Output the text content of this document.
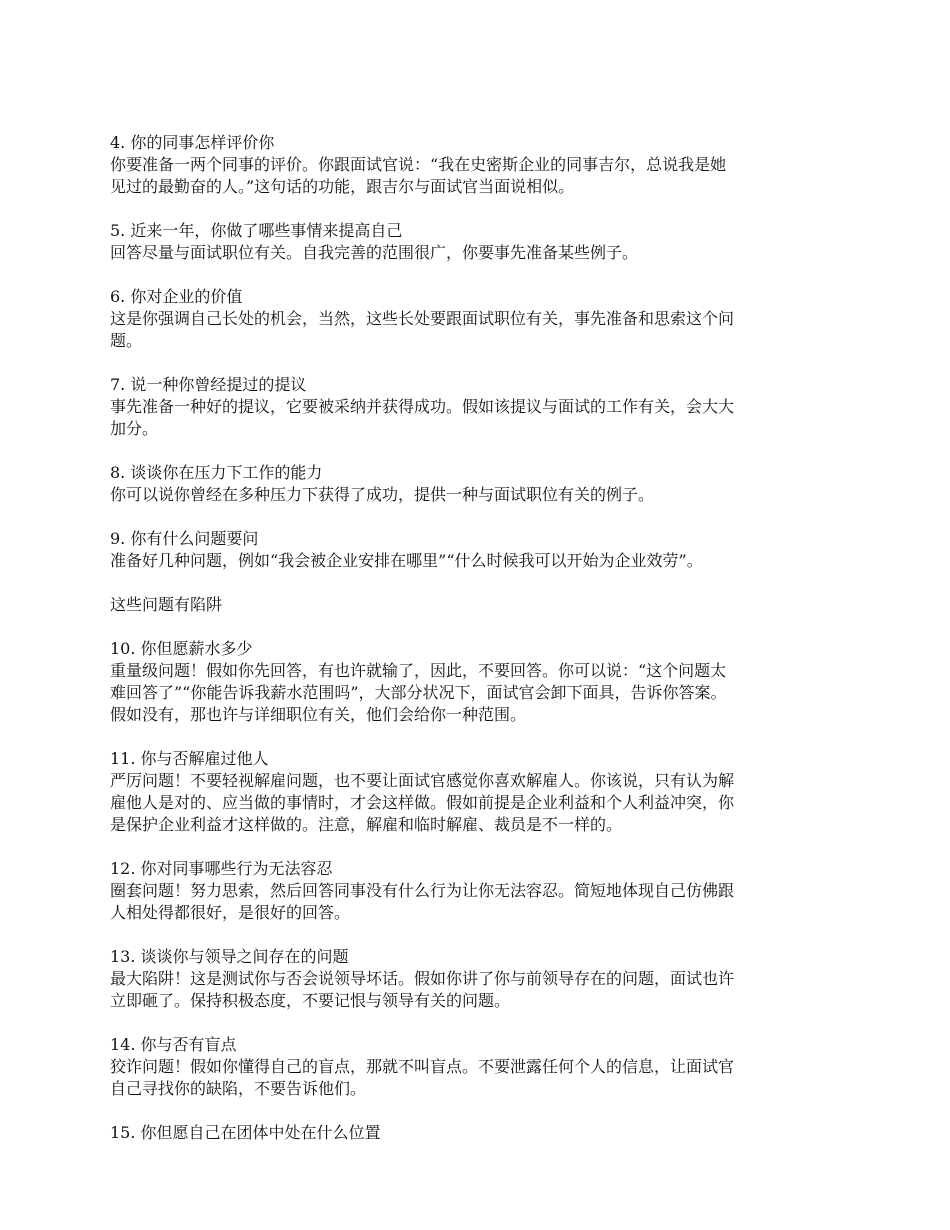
4. 你的同事怎样评价你

你要准备一两个同事的评价。你跟面试官说：“我在史密斯企业的同事吉尔，总说我是她

见过的最勤奋的人。”这句话的功能，跟吉尔与面试官当面说相似。

5. 近来一年，你做了哪些事情来提高自己

回答尽量与面试职位有关。自我完善的范围很广，你要事先准备某些例子。

6. 你对企业的价值

这是你强调自己长处的机会，当然，这些长处要跟面试职位有关，事先准备和思索这个问

题。

7. 说一种你曾经提过的提议

事先准备一种好的提议，它要被采纳并获得成功。假如该提议与面试的工作有关，会大大

加分。

8. 谈谈你在压力下工作的能力

你可以说你曾经在多种压力下获得了成功，提供一种与面试职位有关的例子。

9. 你有什么问题要问

准备好几种问题，例如“我会被企业安排在哪里”“什么时候我可以开始为企业效劳”。

这些问题有陷阱

10. 你但愿薪水多少

重量级问题！假如你先回答，有也许就输了，因此，不要回答。你可以说：“这个问题太

难回答了”“你能告诉我薪水范围吗”，大部分状况下，面试官会卸下面具，告诉你答案。

假如没有，那也许与详细职位有关，他们会给你一种范围。

11. 你与否解雇过他人

严厉问题！不要轻视解雇问题，也不要让面试官感觉你喜欢解雇人。你该说，只有认为解

雇他人是对的、应当做的事情时，才会这样做。假如前提是企业利益和个人利益冲突，你

是保护企业利益才这样做的。注意，解雇和临时解雇、裁员是不一样的。

12. 你对同事哪些行为无法容忍

圈套问题！努力思索，然后回答同事没有什么行为让你无法容忍。简短地体现自己仿佛跟

人相处得都很好，是很好的回答。

13. 谈谈你与领导之间存在的问题

最大陷阱！这是测试你与否会说领导坏话。假如你讲了你与前领导存在的问题，面试也许

立即砸了。保持积极态度，不要记恨与领导有关的问题。

14. 你与否有盲点

狡诈问题！假如你懂得自己的盲点，那就不叫盲点。不要泄露任何个人的信息，让面试官

自己寻找你的缺陷，不要告诉他们。

15. 你但愿自己在团体中处在什么位置
